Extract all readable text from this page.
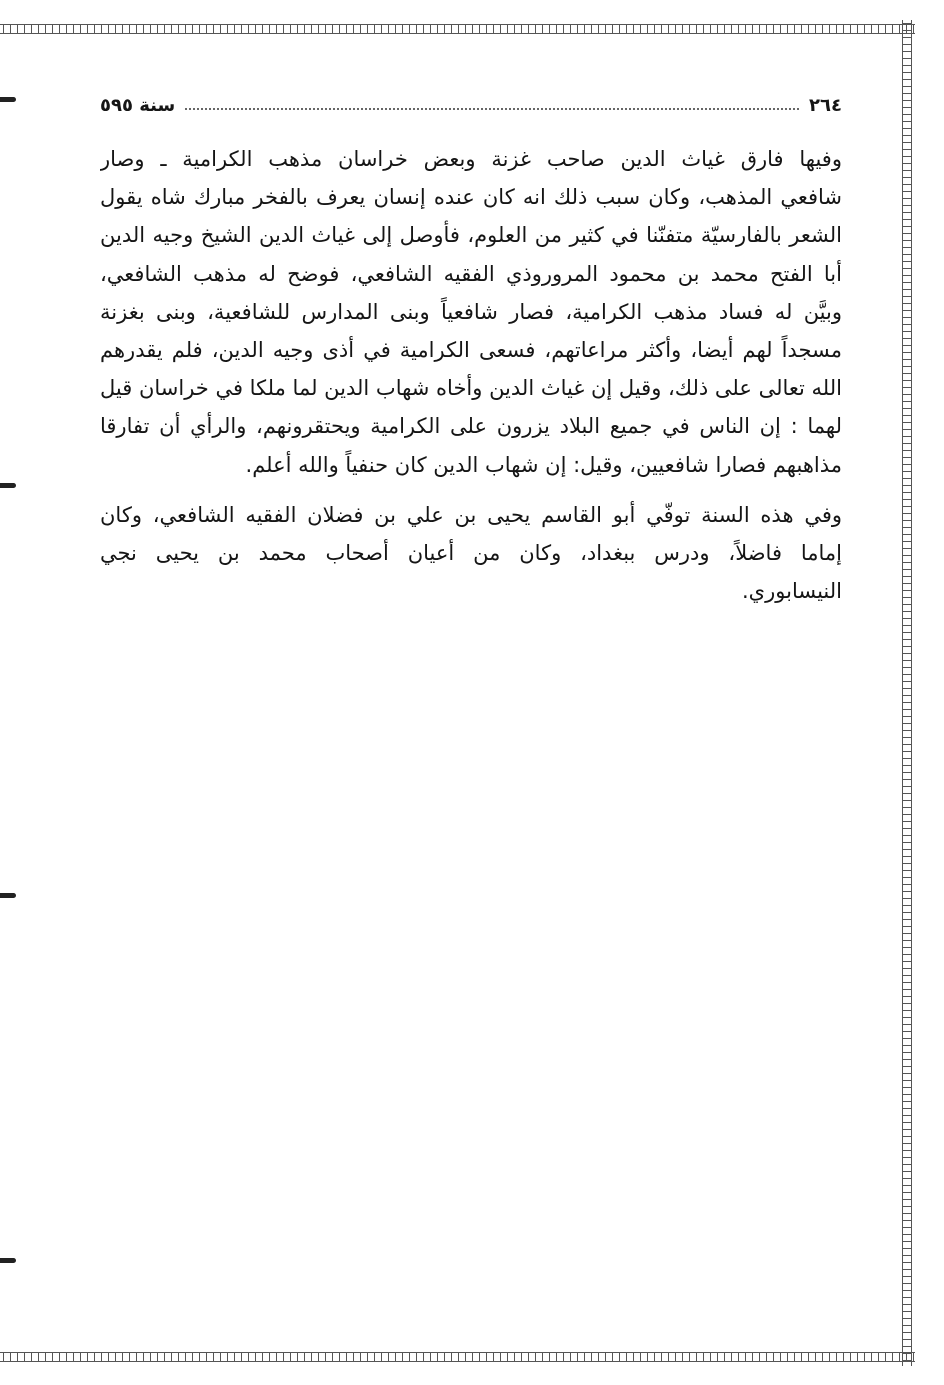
٢٦٤
سنة ٥٩٥
وفيها فارق غياث الدين صاحب غزنة وبعض خراسان مذهب الكرامية ـ وصار
شافعي المذهب، وكان سبب ذلك انه كان عنده إنسان يعرف بالفخر مبارك شاه يقول
الشعر بالفارسيّة متفنّنا في كثير من العلوم، فأوصل إلى غياث الدين الشيخ وجيه الدين
أبا الفتح محمد بن محمود المروروذي الفقيه الشافعي، فوضح له مذهب الشافعي،
وبيَّن له فساد مذهب الكرامية، فصار شافعياً وبنى المدارس للشافعية، وبنى بغزنة
مسجداً لهم أيضا، وأكثر مراعاتهم، فسعى الكرامية في أذى وجيه الدين، فلم يقدرهم
الله تعالى على ذلك، وقيل إن غياث الدين وأخاه شهاب الدين لما ملكا في خراسان قيل
لهما : إن الناس في جميع البلاد يزرون على الكرامية ويحتقرونهم، والرأي أن تفارقا
مذاهبهم فصارا شافعيين، وقيل: إن شهاب الدين كان حنفياً والله أعلم.
وفي هذه السنة توفّي أبو القاسم يحيى بن علي بن فضلان الفقيه الشافعي، وكان
إماما فاضلاً، ودرس ببغداد، وكان من أعيان أصحاب محمد بن يحيى نجي
النيسابوري.
